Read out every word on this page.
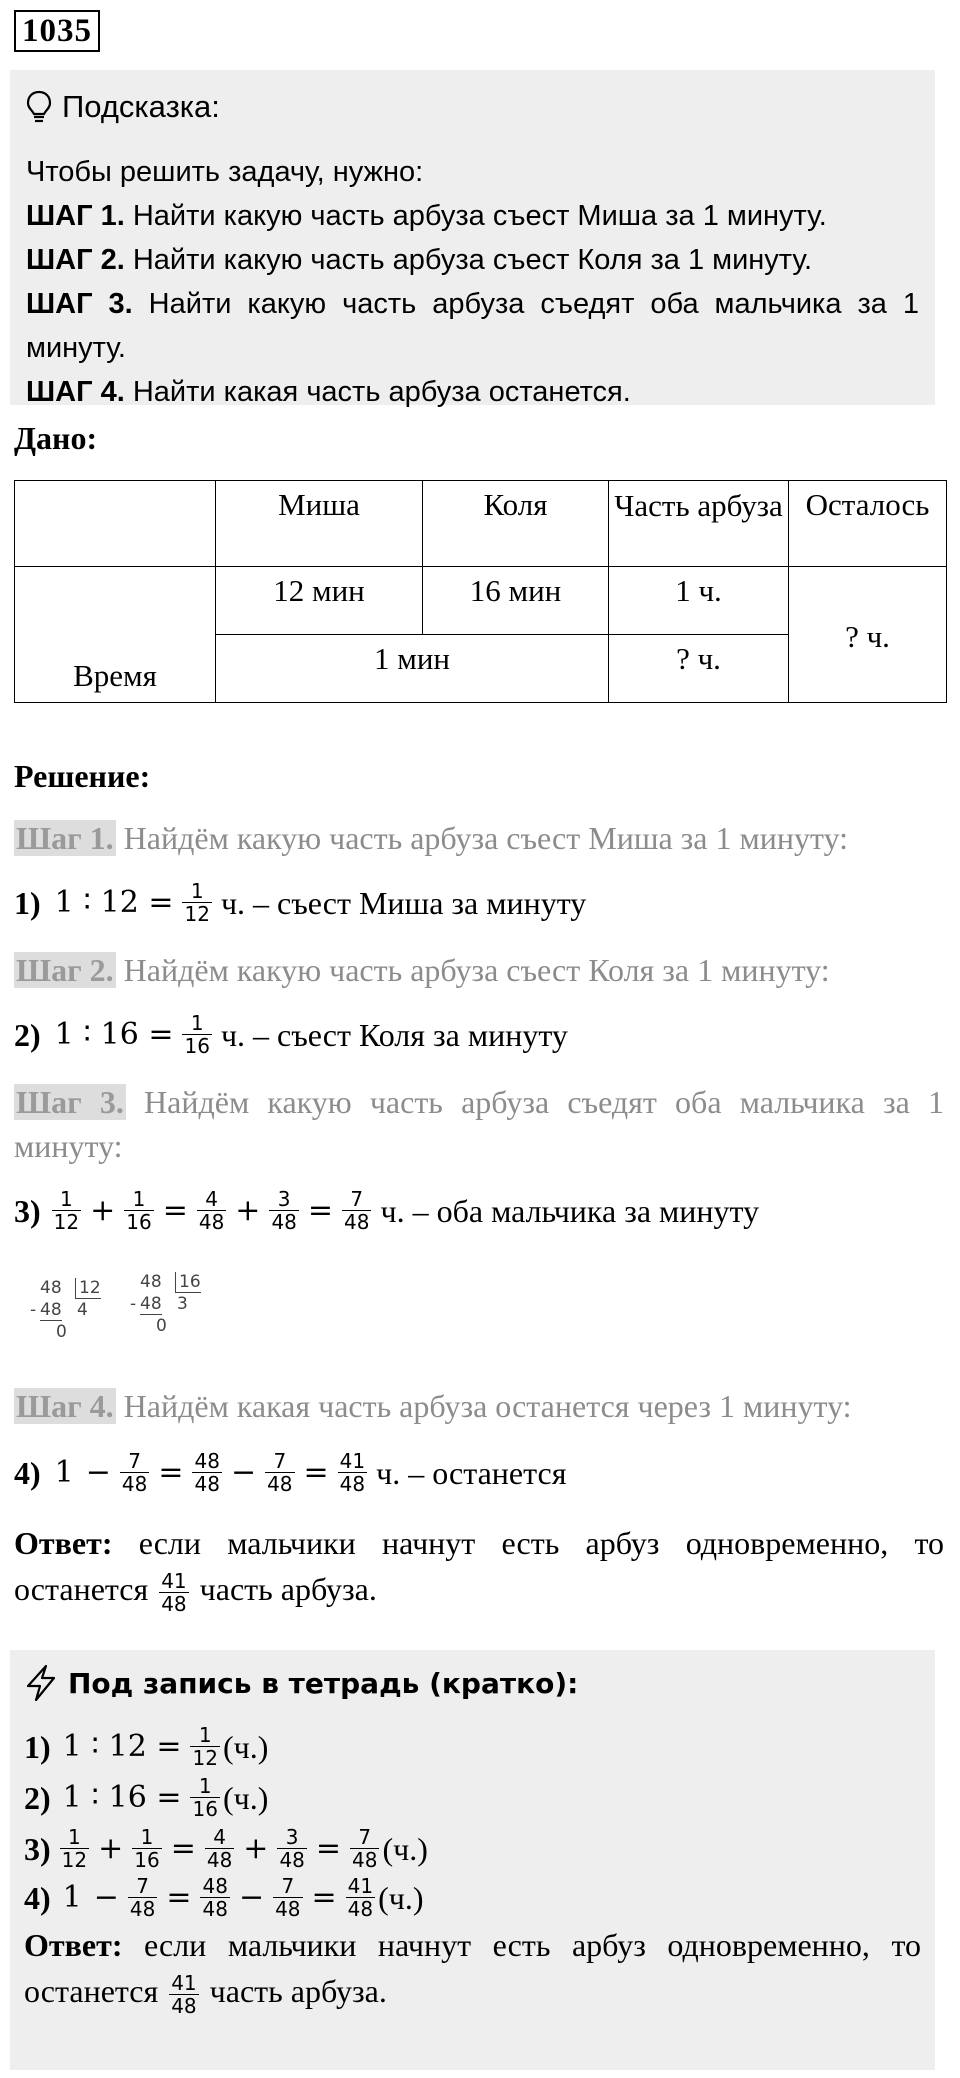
1035
Подсказка:
Чтобы решить задачу, нужно:
ШАГ 1. Найти какую часть арбуза съест Миша за 1 минуту.
ШАГ 2. Найти какую часть арбуза съест Коля за 1 минуту.
ШАГ 3. Найти какую часть арбуза съедят оба мальчика за 1 минуту.
ШАГ 4. Найти какая часть арбуза останется.
Дано:
	Миша	Коля	Часть арбуза	Осталось
Время	12 мин	16 мин	1 ч.	? ч.
	1 мин		? ч.	
Решение:
Шаг 1. Найдём какую часть арбуза съест Миша за 1 минуту:
1) 1 ∶ $12 = \frac{1}{12} ч$. – съест Миша за минуту
Шаг 2. Найдём какую часть арбуза съест Коля за 1 минуту:
2) 1 ∶ $16 = \frac{1}{16} ч$. – съест Коля за минуту
Шаг 3. Найдём какую часть арбуза съедят оба мальчика за 1 минуту:
$3) \frac{1}{12} + \frac{1}{16} = \frac{4}{48} + \frac{3}{48} = \frac{7}{48} ч$. – оба мальчика за минуту
-
48 12
48 4
0
-
48 16
48 3
0
Шаг 4. Найдём какая часть арбуза останется через 1 минуту:
4) $1 - \frac{7}{48} = \frac{48}{48} - \frac{7}{48} = \frac{41}{48} ч$. – останется
Ответ: если мальчики начнут есть арбуз одновременно, то останется $\frac{41}{48}$ часть арбуза.
Под запись в тетрадь (кратко):
1) 1 ∶ $12 = \frac{1}{12} (ч.)$
2) 1 ∶ $16 = \frac{1}{16} (ч.)$
$3) \frac{1}{12} + \frac{1}{16} = \frac{4}{48} + \frac{3}{48} = \frac{7}{48} (ч.)$
4) $1 - \frac{7}{48} = \frac{48}{48} - \frac{7}{48} = \frac{41}{48} (ч.)$
Ответ: если мальчики начнут есть арбуз одновременно, то останется $\frac{41}{48}$ часть арбуза.
